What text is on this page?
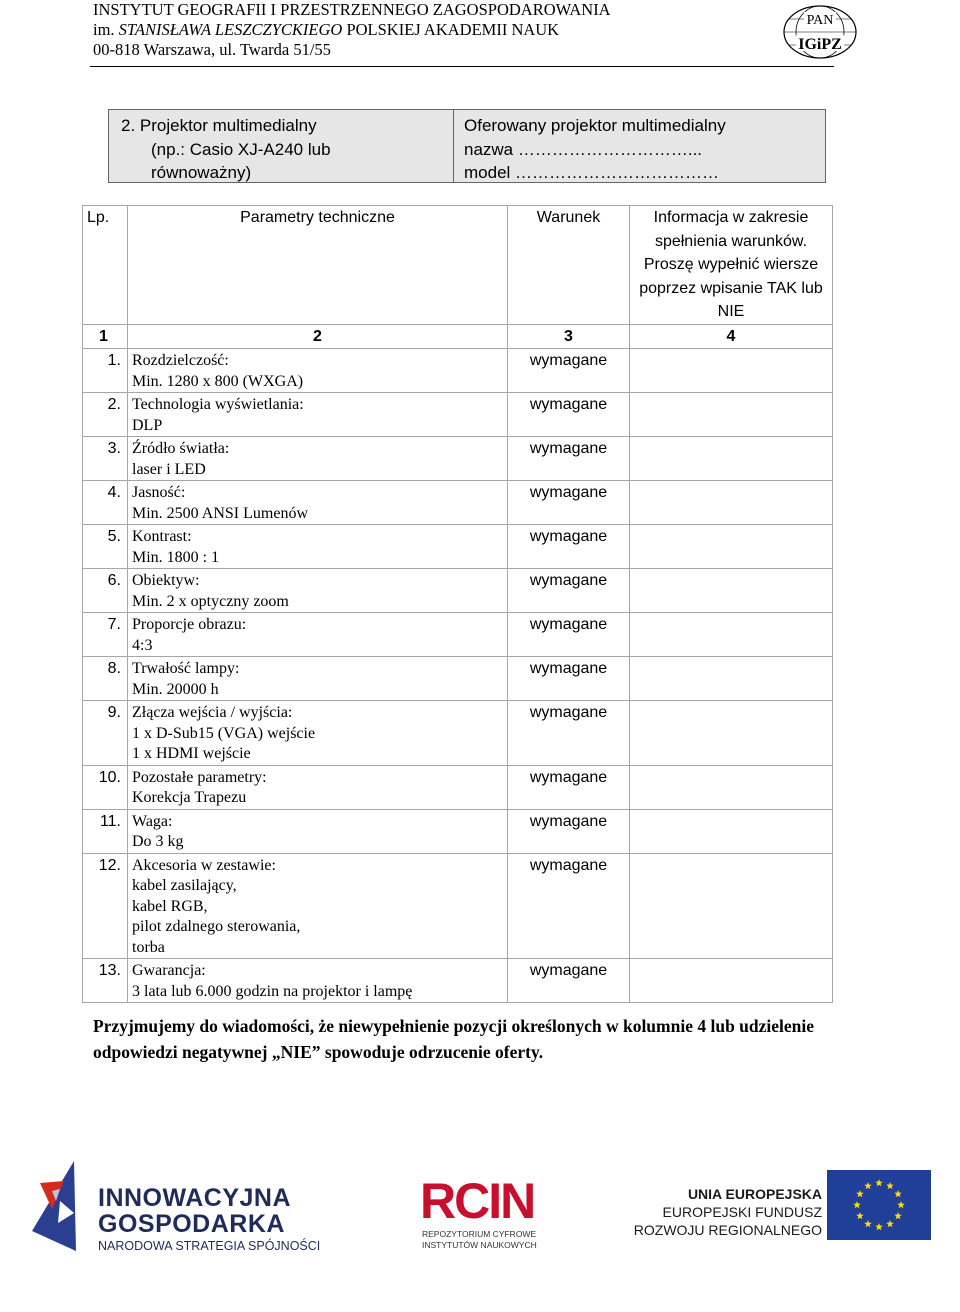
INSTYTUT GEOGRAFII I PRZESTRZENNEGO ZAGOSPODAROWANIA
im. STANISŁAWA LESZCZYCKIEGO POLSKIEJ AKADEMII NAUK
00-818 Warszawa, ul. Twarda 51/55
PAN
IGiPZ
2. Projektor multimedialny
(np.: Casio XJ-A240 lub
równoważny)
Oferowany projektor multimedialny
nazwa …………………………...
model ………………………………
Lp.	Parametry techniczne	Warunek	Informacja w zakresie spełnienia warunków. Proszę wypełnić wiersze poprzez wpisanie TAK lub NIE
1	2	3	4
1.	Rozdzielczość:
Min. 1280 x 800 (WXGA)	wymagane	
2.	Technologia wyświetlania:
DLP	wymagane	
3.	Źródło światła:
laser i LED	wymagane	
4.	Jasność:
Min. 2500 ANSI Lumenów	wymagane	
5.	Kontrast:
Min. 1800 : 1	wymagane	
6.	Obiektyw:
Min. 2 x optyczny zoom	wymagane	
7.	Proporcje obrazu:
4:3	wymagane	
8.	Trwałość lampy:
Min. 20000 h	wymagane	
9.	Złącza wejścia / wyjścia:
1 x D-Sub15 (VGA) wejście
1 x HDMI wejście	wymagane	
10.	Pozostałe parametry:
Korekcja Trapezu	wymagane	
11.	Waga:
Do 3 kg	wymagane	
12.	Akcesoria w zestawie:
kabel zasilający,
kabel RGB,
pilot zdalnego sterowania,
torba	wymagane	
13.	Gwarancja:
3 lata lub 6.000 godzin na projektor i lampę	wymagane	
Przyjmujemy do wiadomości, że niewypełnienie pozycji określonych w kolumnie 4 lub udzielenie odpowiedzi negatywnej „NIE” spowoduje odrzucenie oferty.
INNOWACYJNA
GOSPODARKA
NARODOWA STRATEGIA SPÓJNOŚCI
RCIN
REPOZYTORIUM CYFROWE
INSTYTUTÓW NAUKOWYCH
UNIA EUROPEJSKA
EUROPEJSKI FUNDUSZ
ROZWOJU REGIONALNEGO
